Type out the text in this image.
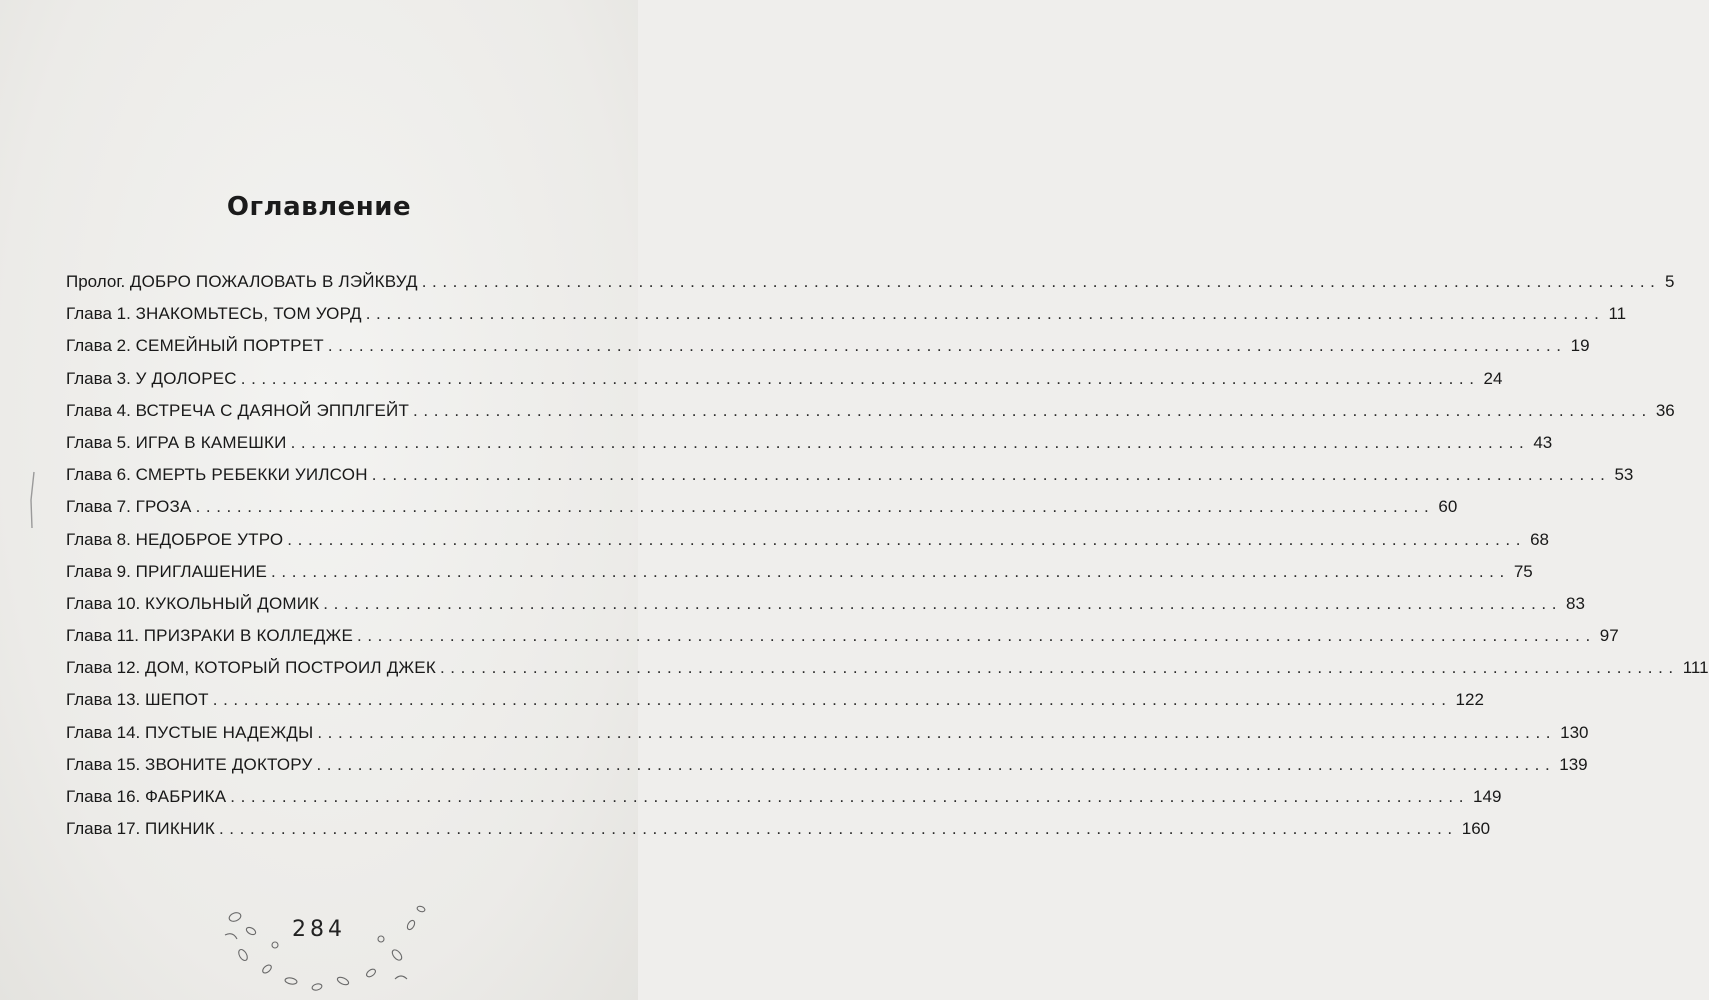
Оглавление
Пролог.
ДОБРО ПОЖАЛОВАТЬ В ЛЭЙКВУД ........................................................................................................................ 5
Глава 1.
ЗНАКОМЬТЕСЬ, ТОМ УОРД ........................................................................................................................ 11
Глава 2.
СЕМЕЙНЫЙ ПОРТРЕТ ........................................................................................................................ 19
Глава 3.
У ДОЛОРЕС ........................................................................................................................ 24
Глава 4.
ВСТРЕЧА С ДАЯНОЙ ЭППЛГЕЙТ ........................................................................................................................ 36
Глава 5.
ИГРА В КАМЕШКИ ........................................................................................................................ 43
Глава 6.
СМЕРТЬ РЕБЕККИ УИЛСОН ........................................................................................................................ 53
Глава 7.
ГРОЗА ........................................................................................................................ 60
Глава 8.
НЕДОБРОЕ УТРО ........................................................................................................................ 68
Глава 9.
ПРИГЛАШЕНИЕ ........................................................................................................................ 75
Глава 10.
КУКОЛЬНЫЙ ДОМИК ........................................................................................................................ 83
Глава 11.
ПРИЗРАКИ В КОЛЛЕДЖЕ ........................................................................................................................ 97
Глава 12.
ДОМ, КОТОРЫЙ ПОСТРОИЛ ДЖЕК ........................................................................................................................ 111
Глава 13.
ШЕПОТ ........................................................................................................................ 122
Глава 14.
ПУСТЫЕ НАДЕЖДЫ ........................................................................................................................ 130
Глава 15.
ЗВОНИТЕ ДОКТОРУ ........................................................................................................................ 139
Глава 16.
ФАБРИКА ........................................................................................................................ 149
Глава 17.
ПИКНИК ........................................................................................................................ 160
284
